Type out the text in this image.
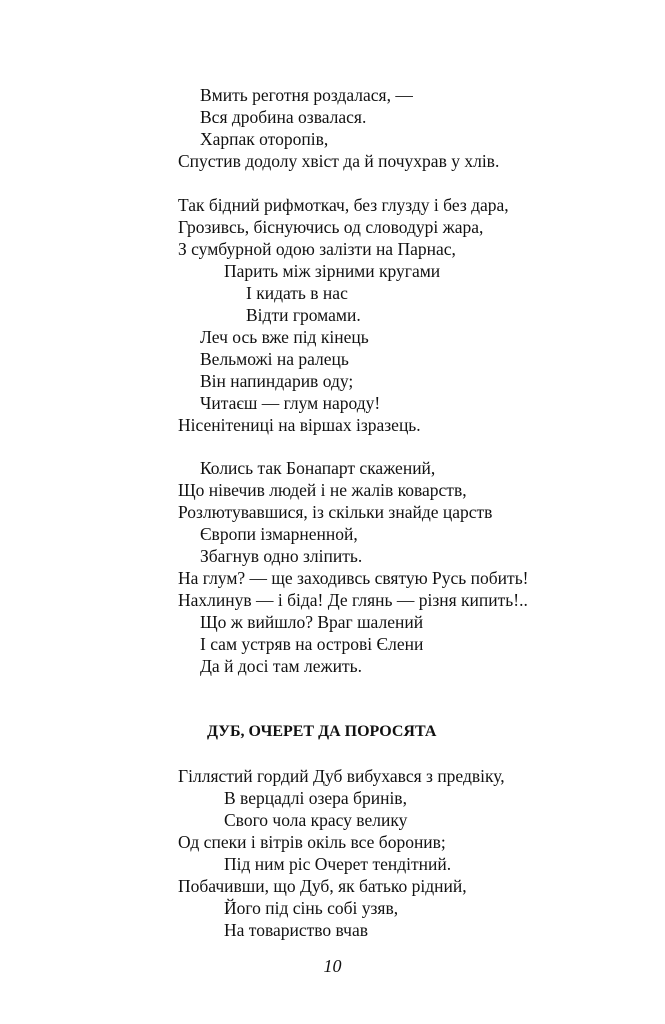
Вмить реготня роздалася, —
Вся дробина озвалася.
Харпак оторопів,
Спустив додолу хвіст да й почухрав у хлів.
Так бідний рифмоткач, без глузду і без дара,
Грозивсь, біснуючись од словодурі жара,
З сумбурной одою залізти на Парнас,
Парить між зірними кругами
І кидать в нас
Відти громами.
Леч ось вже під кінець
Вельможі на ралець
Він напиндарив оду;
Читаєш — глум народу!
Нісенітениці на віршах ізразець.
Колись так Бонапарт скажений,
Що нівечив людей і не жалів коварств,
Розлютувавшися, із скільки знайде царств
Європи ізмарненной,
Збагнув одно зліпить.
На глум? — ще заходивсь святую Русь побить!
Нахлинув — і біда! Де глянь — різня кипить!..
Що ж вийшло? Враг шалений
І сам устряв на острові Єлени
Да й досі там лежить.
ДУБ, ОЧЕРЕТ ДА ПОРОСЯТА
Гіллястий гордий Дуб вибухався з предвіку,
В верцадлі озера бринів,
Свого чола красу велику
Од спеки і вітрів окіль все боронив;
Під ним ріс Очерет тендітний.
Побачивши, що Дуб, як батько рідний,
Його під сінь собі узяв,
На товариство вчав
10
